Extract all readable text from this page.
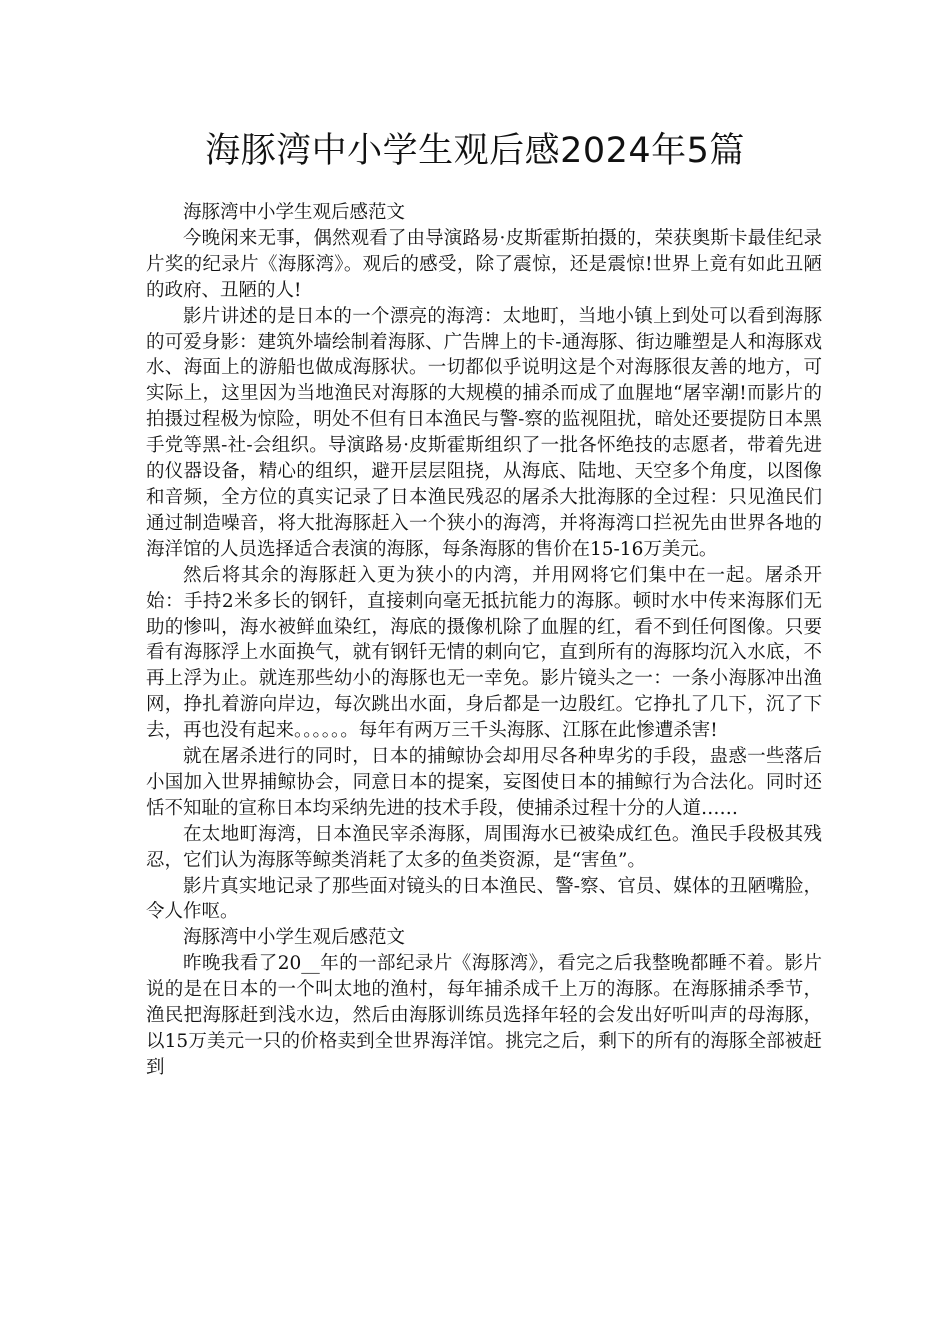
海豚湾中小学生观后感2024年5篇

海豚湾中小学生观后感范文

今晚闲来无事，偶然观看了由导演路易·皮斯霍斯拍摄的，荣获奥斯卡最佳纪录片奖的纪录片《海豚湾》。观后的感受，除了震惊，还是震惊!世界上竟有如此丑陋的政府、丑陋的人!

影片讲述的是日本的一个漂亮的海湾：太地町，当地小镇上到处可以看到海豚的可爱身影：建筑外墙绘制着海豚、广告牌上的卡-通海豚、街边雕塑是人和海豚戏水、海面上的游船也做成海豚状。一切都似乎说明这是个对海豚很友善的地方，可实际上，这里因为当地渔民对海豚的大规模的捕杀而成了血腥地“屠宰潮!而影片的拍摄过程极为惊险，明处不但有日本渔民与警-察的监视阻扰，暗处还要提防日本黑手党等黑-社-会组织。导演路易·皮斯霍斯组织了一批各怀绝技的志愿者，带着先进的仪器设备，精心的组织，避开层层阻挠，从海底、陆地、天空多个角度，以图像和音频，全方位的真实记录了日本渔民残忍的屠杀大批海豚的全过程：只见渔民们通过制造噪音，将大批海豚赶入一个狭小的海湾，并将海湾口拦祝先由世界各地的海洋馆的人员选择适合表演的海豚，每条海豚的售价在15-16万美元。

然后将其余的海豚赶入更为狭小的内湾，并用网将它们集中在一起。屠杀开始：手持2米多长的钢钎，直接刺向毫无抵抗能力的海豚。顿时水中传来海豚们无助的惨叫，海水被鲜血染红，海底的摄像机除了血腥的红，看不到任何图像。只要看有海豚浮上水面换气，就有钢钎无情的刺向它，直到所有的海豚均沉入水底，不再上浮为止。就连那些幼小的海豚也无一幸免。影片镜头之一：一条小海豚冲出渔网，挣扎着游向岸边，每次跳出水面，身后都是一边殷红。它挣扎了几下，沉了下去，再也没有起来。。。。。。每年有两万三千头海豚、江豚在此惨遭杀害!

就在屠杀进行的同时，日本的捕鲸协会却用尽各种卑劣的手段，蛊惑一些落后小国加入世界捕鲸协会，同意日本的提案，妄图使日本的捕鲸行为合法化。同时还恬不知耻的宣称日本均采纳先进的技术手段，使捕杀过程十分的人道……

在太地町海湾，日本渔民宰杀海豚，周围海水已被染成红色。渔民手段极其残忍，它们认为海豚等鲸类消耗了太多的鱼类资源，是“害鱼”。

影片真实地记录了那些面对镜头的日本渔民、警-察、官员、媒体的丑陋嘴脸，令人作呕。

海豚湾中小学生观后感范文

昨晚我看了20__年的一部纪录片《海豚湾》，看完之后我整晚都睡不着。影片说的是在日本的一个叫太地的渔村，每年捕杀成千上万的海豚。在海豚捕杀季节，渔民把海豚赶到浅水边，然后由海豚训练员选择年轻的会发出好听叫声的母海豚，以15万美元一只的价格卖到全世界海洋馆。挑完之后，剩下的所有的海豚全部被赶到
